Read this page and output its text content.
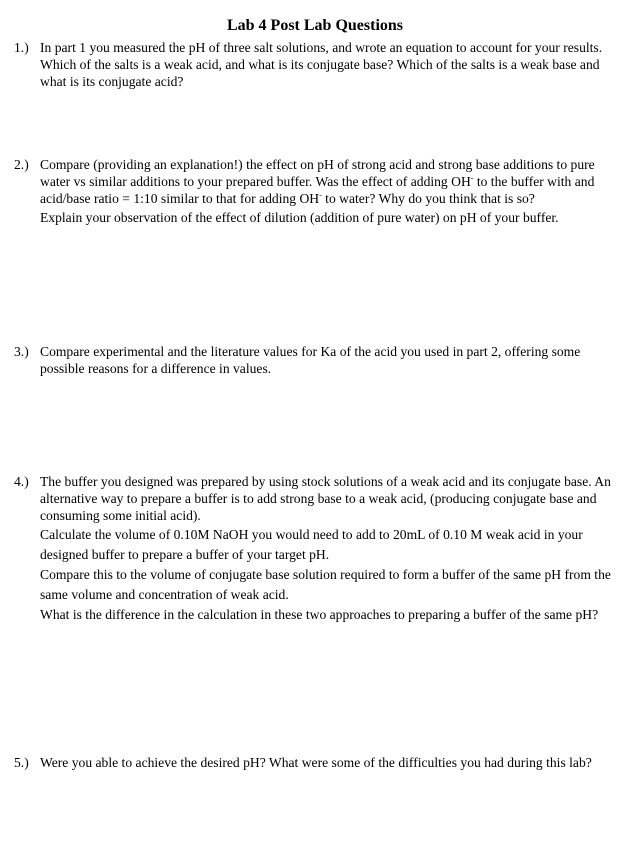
Lab 4 Post Lab Questions
1.) In part 1 you measured the pH of three salt solutions, and wrote an equation to account for your results. Which of the salts is a weak acid, and what is its conjugate base? Which of the salts is a weak base and what is its conjugate acid?

2.) Compare (providing an explanation!) the effect on pH of strong acid and strong base additions to pure water vs similar additions to your prepared buffer. Was the effect of adding OH- to the buffer with and acid/base ratio = 1:10 similar to that for adding OH- to water? Why do you think that is so?

Explain your observation of the effect of dilution (addition of pure water) on pH of your buffer.

3.) Compare experimental and the literature values for Ka of the acid you used in part 2, offering some possible reasons for a difference in values.

4.) The buffer you designed was prepared by using stock solutions of a weak acid and its conjugate base. An alternative way to prepare a buffer is to add strong base to a weak acid, (producing conjugate base and consuming some initial acid).

Calculate the volume of 0.10M NaOH you would need to add to 20mL of 0.10 M weak acid in your designed buffer to prepare a buffer of your target pH.

Compare this to the volume of conjugate base solution required to form a buffer of the same pH from the same volume and concentration of weak acid.

What is the difference in the calculation in these two approaches to preparing a buffer of the same pH?

5.) Were you able to achieve the desired pH? What were some of the difficulties you had during this lab?
